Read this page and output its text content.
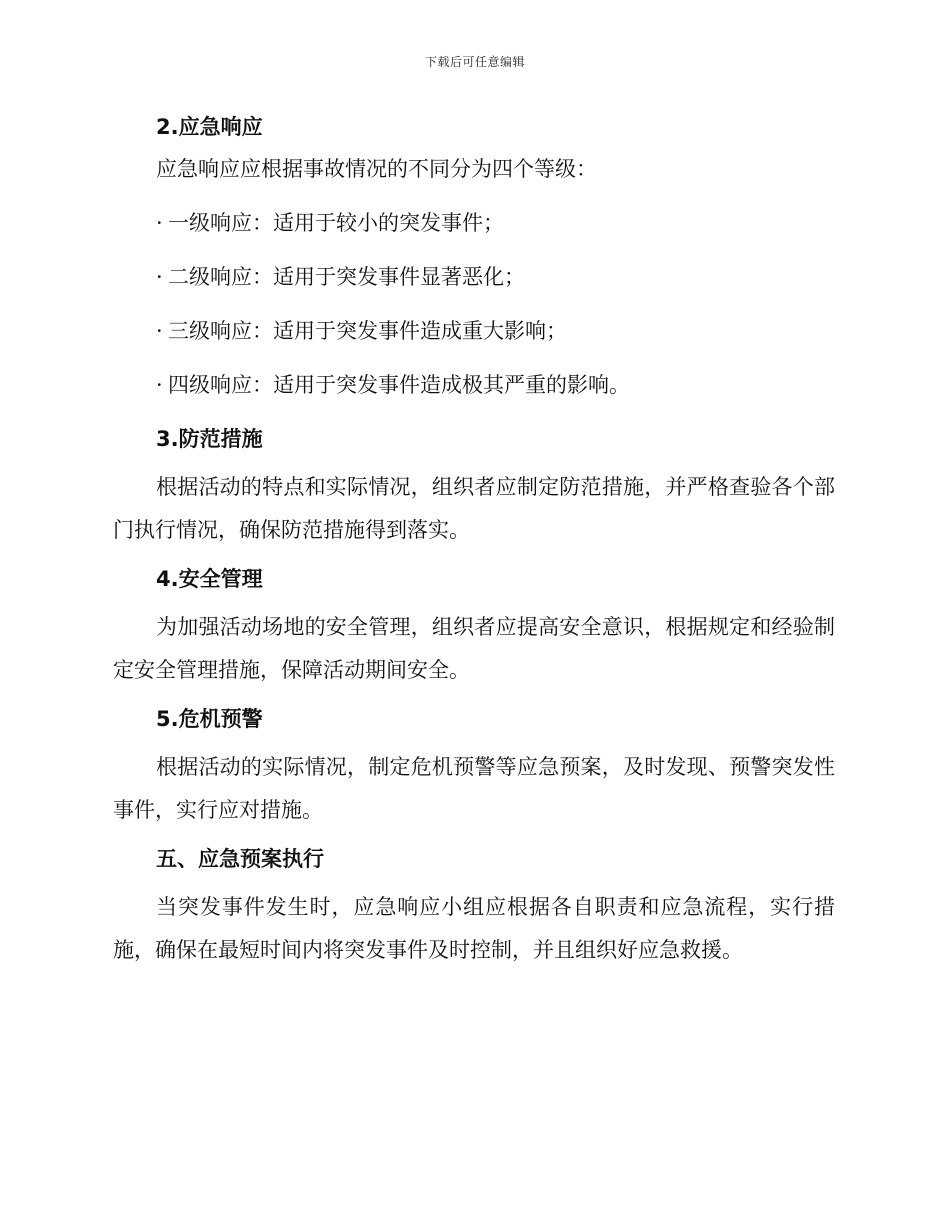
下载后可任意编辑
2.应急响应
应急响应应根据事故情况的不同分为四个等级：
· 一级响应：适用于较小的突发事件；
· 二级响应：适用于突发事件显著恶化；
· 三级响应：适用于突发事件造成重大影响；
· 四级响应：适用于突发事件造成极其严重的影响。
3.防范措施
根据活动的特点和实际情况，组织者应制定防范措施，并严格查验各个部门执行情况，确保防范措施得到落实。
4.安全管理
为加强活动场地的安全管理，组织者应提高安全意识，根据规定和经验制定安全管理措施，保障活动期间安全。
5.危机预警
根据活动的实际情况，制定危机预警等应急预案，及时发现、预警突发性事件，实行应对措施。
五、应急预案执行
当突发事件发生时，应急响应小组应根据各自职责和应急流程，实行措施，确保在最短时间内将突发事件及时控制，并且组织好应急救援。
